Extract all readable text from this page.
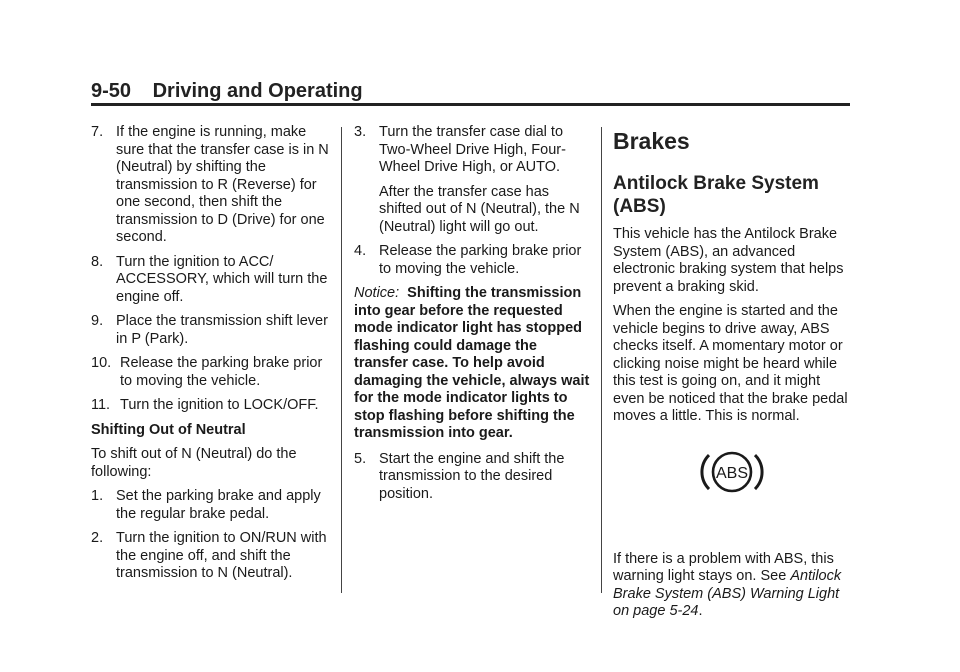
9-50 Driving and Operating
7. If the engine is running, make sure that the transfer case is in N (Neutral) by shifting the transmission to R (Reverse) for one second, then shift the transmission to D (Drive) for one second.
8. Turn the ignition to ACC/ ACCESSORY, which will turn the engine off.
9. Place the transmission shift lever in P (Park).
10. Release the parking brake prior to moving the vehicle.
11. Turn the ignition to LOCK/OFF.
Shifting Out of Neutral

To shift out of N (Neutral) do the following:

1. Set the parking brake and apply the regular brake pedal.
2. Turn the ignition to ON/RUN with the engine off, and shift the transmission to N (Neutral).
3. Turn the transfer case dial to Two-Wheel Drive High, Four-Wheel Drive High, or AUTO.

After the transfer case has shifted out of N (Neutral), the N (Neutral) light will go out.

4. Release the parking brake prior to moving the vehicle.

Notice: Shifting the transmission into gear before the requested mode indicator light has stopped flashing could damage the transfer case. To help avoid damaging the vehicle, always wait for the mode indicator lights to stop flashing before shifting the transmission into gear.

5. Start the engine and shift the transmission to the desired position.
Brakes
Antilock Brake System (ABS)

This vehicle has the Antilock Brake System (ABS), an advanced electronic braking system that helps prevent a braking skid.

When the engine is started and the vehicle begins to drive away, ABS checks itself. A momentary motor or clicking noise might be heard while this test is going on, and it might even be noticed that the brake pedal moves a little. This is normal.

ABS

If there is a problem with ABS, this warning light stays on. See Antilock Brake System (ABS) Warning Light on page 5-24.
